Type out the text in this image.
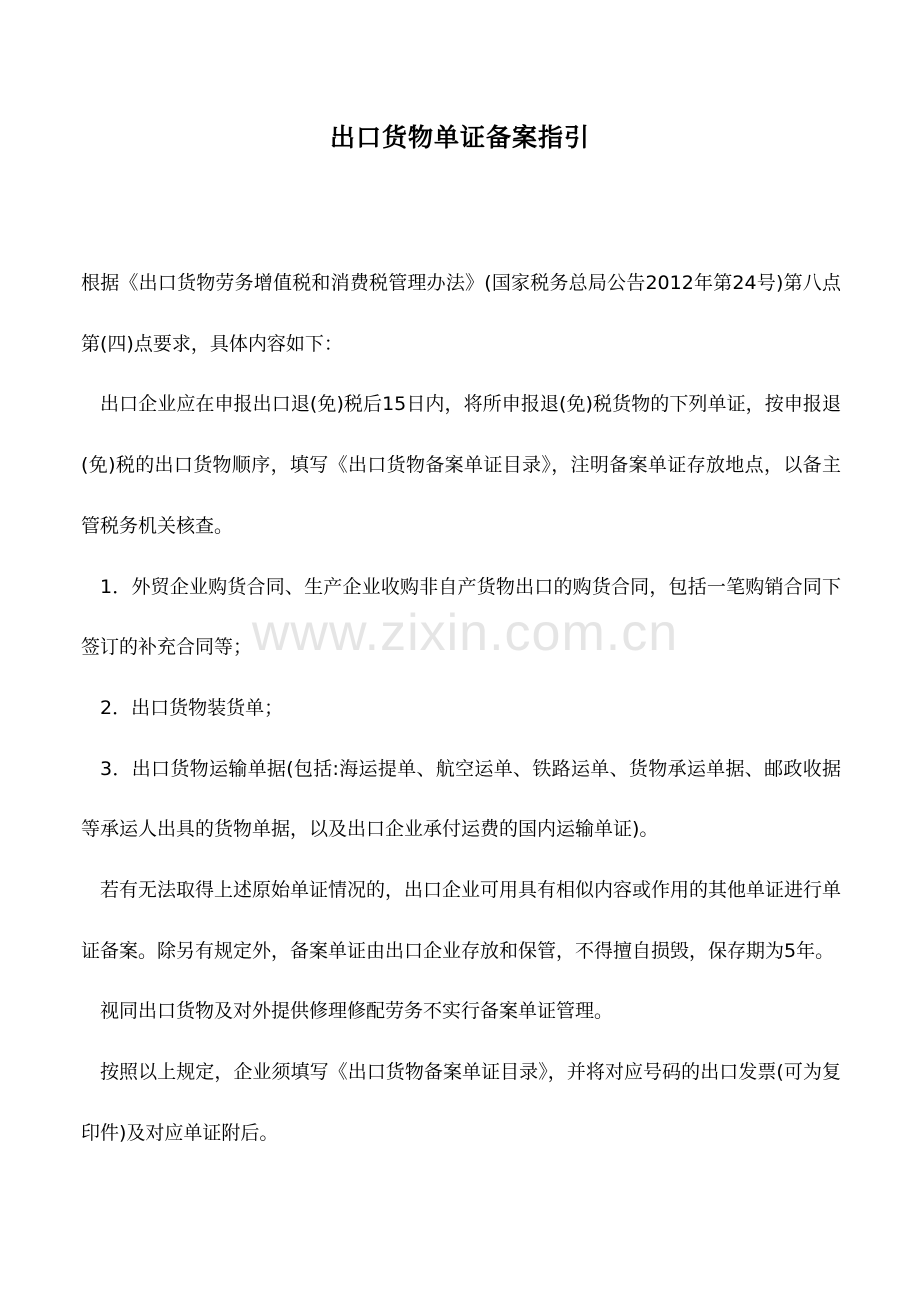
出口货物单证备案指引

根据《出口货物劳务增值税和消费税管理办法》(国家税务总局公告2012年第24号)第八点第(四)点要求，具体内容如下：

出口企业应在申报出口退(免)税后15日内，将所申报退(免)税货物的下列单证，按申报退(免)税的出口货物顺序，填写《出口货物备案单证目录》，注明备案单证存放地点，以备主管税务机关核查。

1．外贸企业购货合同、生产企业收购非自产货物出口的购货合同，包括一笔购销合同下签订的补充合同等；

2．出口货物装货单；

3．出口货物运输单据(包括:海运提单、航空运单、铁路运单、货物承运单据、邮政收据等承运人出具的货物单据，以及出口企业承付运费的国内运输单证)。

若有无法取得上述原始单证情况的，出口企业可用具有相似内容或作用的其他单证进行单证备案。除另有规定外，备案单证由出口企业存放和保管，不得擅自损毁，保存期为5年。

视同出口货物及对外提供修理修配劳务不实行备案单证管理。

按照以上规定，企业须填写《出口货物备案单证目录》，并将对应号码的出口发票(可为复印件)及对应单证附后。

www.zixin.com.cn
